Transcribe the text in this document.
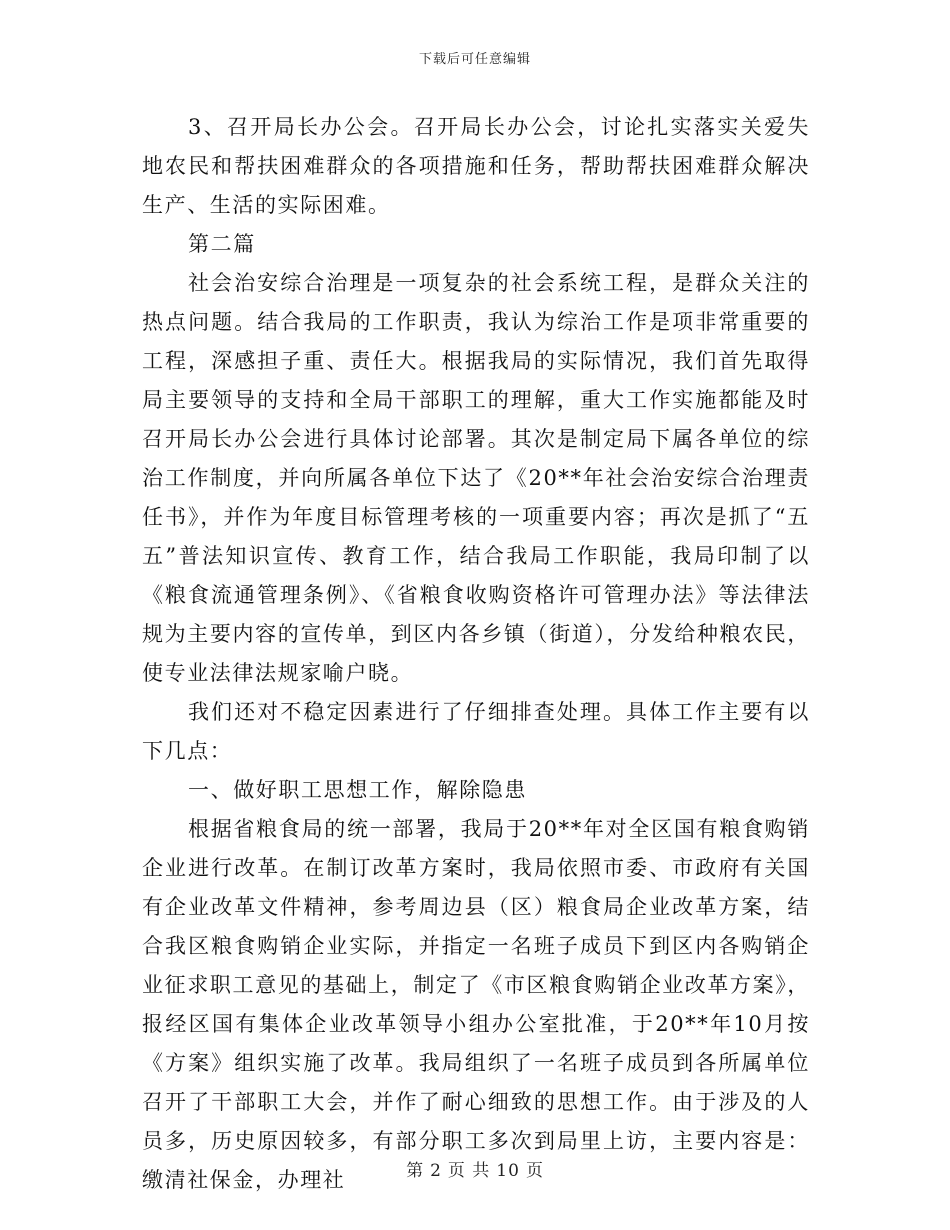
下载后可任意编辑

3、召开局长办公会。召开局长办公会，讨论扎实落实关爱失地农民和帮扶困难群众的各项措施和任务，帮助帮扶困难群众解决生产、生活的实际困难。

第二篇

社会治安综合治理是一项复杂的社会系统工程，是群众关注的热点问题。结合我局的工作职责，我认为综治工作是项非常重要的工程，深感担子重、责任大。根据我局的实际情况，我们首先取得局主要领导的支持和全局干部职工的理解，重大工作实施都能及时召开局长办公会进行具体讨论部署。其次是制定局下属各单位的综治工作制度，并向所属各单位下达了《20**年社会治安综合治理责任书》，并作为年度目标管理考核的一项重要内容；再次是抓了“五五”普法知识宣传、教育工作，结合我局工作职能，我局印制了以《粮食流通管理条例》、《省粮食收购资格许可管理办法》等法律法规为主要内容的宣传单，到区内各乡镇（街道），分发给种粮农民，使专业法律法规家喻户晓。

我们还对不稳定因素进行了仔细排查处理。具体工作主要有以下几点：

一、做好职工思想工作，解除隐患

根据省粮食局的统一部署，我局于20**年对全区国有粮食购销企业进行改革。在制订改革方案时，我局依照市委、市政府有关国有企业改革文件精神，参考周边县（区）粮食局企业改革方案，结合我区粮食购销企业实际，并指定一名班子成员下到区内各购销企业征求职工意见的基础上，制定了《市区粮食购销企业改革方案》，报经区国有集体企业改革领导小组办公室批准，于20**年10月按《方案》组织实施了改革。我局组织了一名班子成员到各所属单位召开了干部职工大会，并作了耐心细致的思想工作。由于涉及的人员多，历史原因较多，有部分职工多次到局里上访，主要内容是：缴清社保金，办理社	第 2 页 共 10 页
